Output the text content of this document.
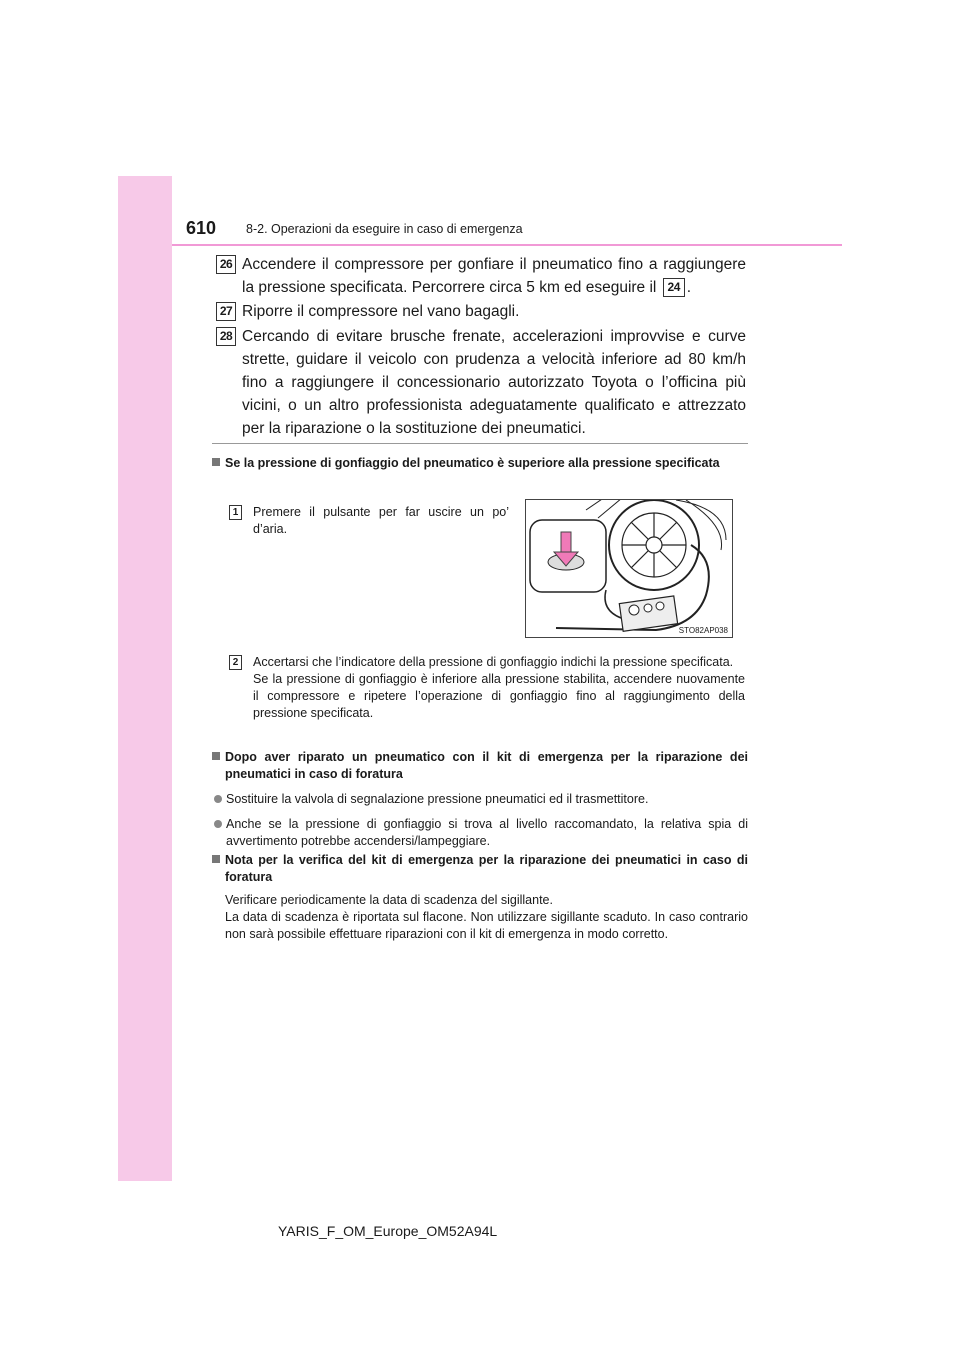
610 8-2. Operazioni da eseguire in caso di emergenza
26 Accendere il compressore per gonfiare il pneumatico fino a raggiungere la pressione specificata. Percorrere circa 5 km ed eseguire il 24 .
27 Riporre il compressore nel vano bagagli.
28 Cercando di evitare brusche frenate, accelerazioni improvvise e curve strette, guidare il veicolo con prudenza a velocità inferiore ad 80 km/h fino a raggiungere il concessionario autorizzato Toyota o l’officina più vicini, o un altro professionista adeguatamente qualificato e attrezzato per la riparazione o la sostituzione dei pneumatici.
Se la pressione di gonfiaggio del pneumatico è superiore alla pressione specificata
1	Premere il pulsante per far uscire un po’ d’aria.
STO82AP038
2	Accertarsi che l’indicatore della pressione di gonfiaggio indichi la pressione specificata.
Se la pressione di gonfiaggio è inferiore alla pressione stabilita, accendere nuovamente il compressore e ripetere l’operazione di gonfiaggio fino al raggiungimento della pressione specificata.
Dopo aver riparato un pneumatico con il kit di emergenza per la riparazione dei pneumatici in caso di foratura
Sostituire la valvola di segnalazione pressione pneumatici ed il trasmettitore.
Anche se la pressione di gonfiaggio si trova al livello raccomandato, la relativa spia di avvertimento potrebbe accendersi/lampeggiare.
Nota per la verifica del kit di emergenza per la riparazione dei pneumatici in caso di foratura
Verificare periodicamente la data di scadenza del sigillante.
La data di scadenza è riportata sul flacone. Non utilizzare sigillante scaduto. In caso contrario non sarà possibile effettuare riparazioni con il kit di emergenza in modo corretto.
YARIS_F_OM_Europe_OM52A94L
